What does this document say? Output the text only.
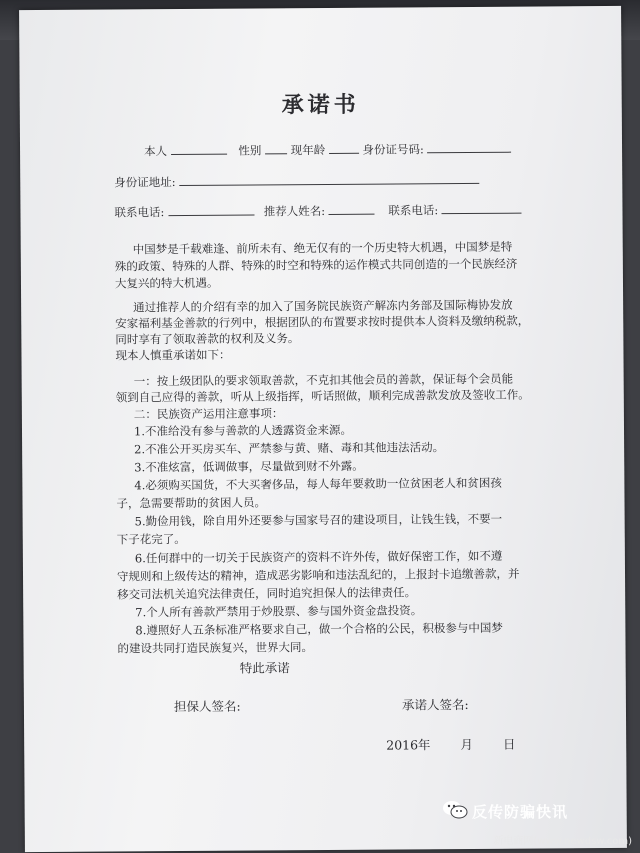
承诺书
本人	性别	现年龄	身份证号码:
身份证地址:
联系电话:	推荐人姓名:	联系电话:
中国梦是千载难逢、前所未有、绝无仅有的一个历史特大机遇，中国梦是特
殊的政策、特殊的人群、特殊的时空和特殊的运作模式共同创造的一个民族经济
大复兴的特大机遇。
通过推荐人的介绍有幸的加入了国务院民族资产解冻内务部及国际梅协发放
安家福利基金善款的行列中，根据团队的布置要求按时提供本人资料及缴纳税款，
同时享有了领取善款的权利及义务。
现本人慎重承诺如下：
一：按上级团队的要求领取善款，不克扣其他会员的善款，保证每个会员能
领到自己应得的善款，听从上级指挥，听话照做，顺利完成善款发放及签收工作。
二：民族资产运用注意事项：
1.不准给没有参与善款的人透露资金来源。
2.不准公开买房买车、严禁参与黄、赌、毒和其他违法活动。
3.不准炫富，低调做事，尽量做到财不外露。
4.必须购买国货，不大买奢侈品，每人每年要救助一位贫困老人和贫困孩
子，急需要帮助的贫困人员。
5.勤俭用钱，除自用外还要参与国家号召的建设项目，让钱生钱，不要一
下子花完了。
6.任何群中的一切关于民族资产的资料不许外传，做好保密工作，如不遵
守规则和上级传达的精神，造成恶劣影响和违法乱纪的，上报封卡追缴善款，并
移交司法机关追究法律责任，同时追究担保人的法律责任。
7.个人所有善款严禁用于炒股票、参与国外资金盘投资。
8.遵照好人五条标准严格要求自己，做一个合格的公民，积极参与中国梦
的建设共同打造民族复兴，世界大同。
特此承诺
担保人签名:	承诺人签名:
2016年 月 日
反传防骗快讯
新电商网(www.newdsw.com)
